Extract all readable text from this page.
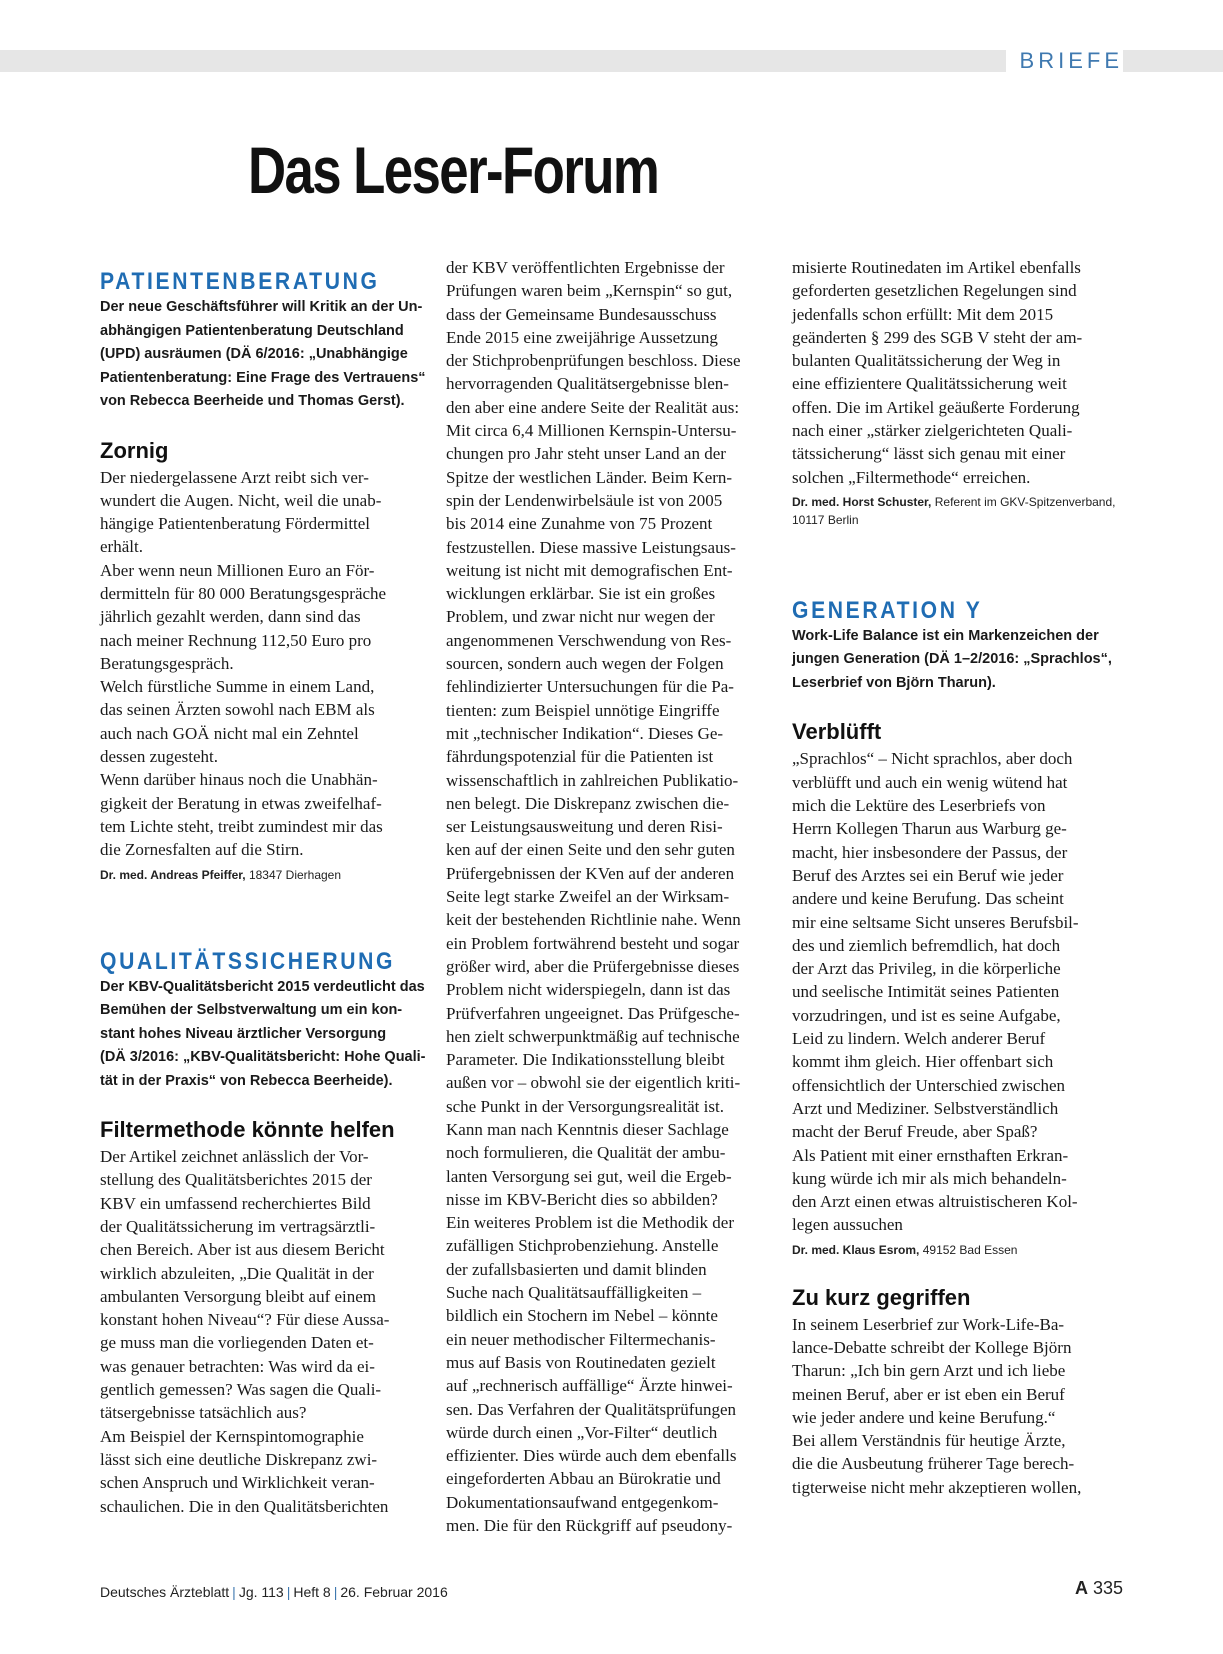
BRIEFE
Das Leser-Forum
PATIENTENBERATUNG

Der neue Geschäftsführer will Kritik an der Un-
abhängigen Patientenberatung Deutschland
(UPD) ausräumen (DÄ 6/2016: „Unabhängige
Patientenberatung: Eine Frage des Vertrauens“
von Rebecca Beerheide und Thomas Gerst).

Zornig

Der niedergelassene Arzt reibt sich ver-
wundert die Augen. Nicht, weil die unab-
hängige Patientenberatung Fördermittel
erhält.
Aber wenn neun Millionen Euro an För-
dermitteln für 80 000 Beratungsgespräche
jährlich gezahlt werden, dann sind das
nach meiner Rechnung 112,50 Euro pro
Beratungsgespräch.
Welch fürstliche Summe in einem Land,
das seinen Ärzten sowohl nach EBM als
auch nach GOÄ nicht mal ein Zehntel
dessen zugesteht.
Wenn darüber hinaus noch die Unabhän-
gigkeit der Beratung in etwas zweifelhaf-
tem Lichte steht, treibt zumindest mir das
die Zornesfalten auf die Stirn.

Dr. med. Andreas Pfeiffer, 18347 Dierhagen

QUALITÄTSSICHERUNG

Der KBV-Qualitätsbericht 2015 verdeutlicht das
Bemühen der Selbstverwaltung um ein kon-
stant hohes Niveau ärztlicher Versorgung
(DÄ 3/2016: „KBV-Qualitätsbericht: Hohe Quali-
tät in der Praxis“ von Rebecca Beerheide).

Filtermethode könnte helfen

Der Artikel zeichnet anlässlich der Vor-
stellung des Qualitätsberichtes 2015 der
KBV ein umfassend recherchiertes Bild
der Qualitätssicherung im vertragsärztli-
chen Bereich. Aber ist aus diesem Bericht
wirklich abzuleiten, „Die Qualität in der
ambulanten Versorgung bleibt auf einem
konstant hohen Niveau“? Für diese Aussa-
ge muss man die vorliegenden Daten et-
was genauer betrachten: Was wird da ei-
gentlich gemessen? Was sagen die Quali-
tätsergebnisse tatsächlich aus?
Am Beispiel der Kernspintomographie
lässt sich eine deutliche Diskrepanz zwi-
schen Anspruch und Wirklichkeit veran-
schaulichen. Die in den Qualitätsberichten

der KBV veröffentlichten Ergebnisse der
Prüfungen waren beim „Kernspin“ so gut,
dass der Gemeinsame Bundesausschuss
Ende 2015 eine zweijährige Aussetzung
der Stichprobenprüfungen beschloss. Diese
hervorragenden Qualitätsergebnisse blen-
den aber eine andere Seite der Realität aus:
Mit circa 6,4 Millionen Kernspin-Untersu-
chungen pro Jahr steht unser Land an der
Spitze der westlichen Länder. Beim Kern-
spin der Lendenwirbelsäule ist von 2005
bis 2014 eine Zunahme von 75 Prozent
festzustellen. Diese massive Leistungsaus-
weitung ist nicht mit demografischen Ent-
wicklungen erklärbar. Sie ist ein großes
Problem, und zwar nicht nur wegen der
angenommenen Verschwendung von Res-
sourcen, sondern auch wegen der Folgen
fehlindizierter Untersuchungen für die Pa-
tienten: zum Beispiel unnötige Eingriffe
mit „technischer Indikation“. Dieses Ge-
fährdungspotenzial für die Patienten ist
wissenschaftlich in zahlreichen Publikatio-
nen belegt. Die Diskrepanz zwischen die-
ser Leistungsausweitung und deren Risi-
ken auf der einen Seite und den sehr guten
Prüfergebnissen der KVen auf der anderen
Seite legt starke Zweifel an der Wirksam-
keit der bestehenden Richtlinie nahe. Wenn
ein Problem fortwährend besteht und sogar
größer wird, aber die Prüfergebnisse dieses
Problem nicht widerspiegeln, dann ist das
Prüfverfahren ungeeignet. Das Prüfgesche-
hen zielt schwerpunktmäßig auf technische
Parameter. Die Indikationsstellung bleibt
außen vor – obwohl sie der eigentlich kriti-
sche Punkt in der Versorgungsrealität ist.
Kann man nach Kenntnis dieser Sachlage
noch formulieren, die Qualität der ambu-
lanten Versorgung sei gut, weil die Ergeb-
nisse im KBV-Bericht dies so abbilden?
Ein weiteres Problem ist die Methodik der
zufälligen Stichprobenziehung. Anstelle
der zufallsbasierten und damit blinden
Suche nach Qualitätsauffälligkeiten –
bildlich ein Stochern im Nebel – könnte
ein neuer methodischer Filtermechanis-
mus auf Basis von Routinedaten gezielt
auf „rechnerisch auffällige“ Ärzte hinwei-
sen. Das Verfahren der Qualitätsprüfungen
würde durch einen „Vor-Filter“ deutlich
effizienter. Dies würde auch dem ebenfalls
eingeforderten Abbau an Bürokratie und
Dokumentationsaufwand entgegenkom-
men. Die für den Rückgriff auf pseudony-

misierte Routinedaten im Artikel ebenfalls
geforderten gesetzlichen Regelungen sind
jedenfalls schon erfüllt: Mit dem 2015
geänderten § 299 des SGB V steht der am-
bulanten Qualitätssicherung der Weg in
eine effizientere Qualitätssicherung weit
offen. Die im Artikel geäußerte Forderung
nach einer „stärker zielgerichteten Quali-
tätssicherung“ lässt sich genau mit einer
solchen „Filtermethode“ erreichen.

Dr. med. Horst Schuster, Referent im GKV-Spitzenverband,
10117 Berlin

GENERATION Y

Work-Life Balance ist ein Markenzeichen der
jungen Generation (DÄ 1–2/2016: „Sprachlos“,
Leserbrief von Björn Tharun).

Verblüfft

„Sprachlos“ – Nicht sprachlos, aber doch
verblüfft und auch ein wenig wütend hat
mich die Lektüre des Leserbriefs von
Herrn Kollegen Tharun aus Warburg ge-
macht, hier insbesondere der Passus, der
Beruf des Arztes sei ein Beruf wie jeder
andere und keine Berufung. Das scheint
mir eine seltsame Sicht unseres Berufsbil-
des und ziemlich befremdlich, hat doch
der Arzt das Privileg, in die körperliche
und seelische Intimität seines Patienten
vorzudringen, und ist es seine Aufgabe,
Leid zu lindern. Welch anderer Beruf
kommt ihm gleich. Hier offenbart sich
offensichtlich der Unterschied zwischen
Arzt und Mediziner. Selbstverständlich
macht der Beruf Freude, aber Spaß?
Als Patient mit einer ernsthaften Erkran-
kung würde ich mir als mich behandeln-
den Arzt einen etwas altruistischeren Kol-
legen aussuchen

Dr. med. Klaus Esrom, 49152 Bad Essen

Zu kurz gegriffen

In seinem Leserbrief zur Work-Life-Ba-
lance-Debatte schreibt der Kollege Björn
Tharun: „Ich bin gern Arzt und ich liebe
meinen Beruf, aber er ist eben ein Beruf
wie jeder andere und keine Berufung.“
Bei allem Verständnis für heutige Ärzte,
die die Ausbeutung früherer Tage berech-
tigterweise nicht mehr akzeptieren wollen,

Deutsches Ärzteblatt | Jg. 113 | Heft 8 | 26. Februar 2016	A 335
